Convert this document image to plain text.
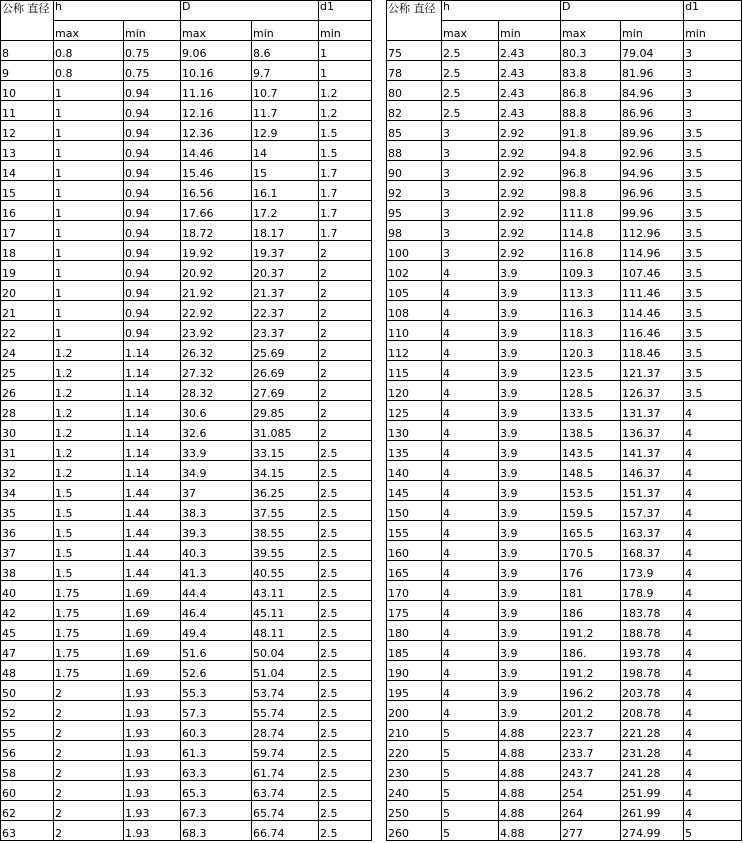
公称 直径	h		D		d1		公称 直径	h		D		d1
	max	min	max	min	min			max	min	max	min	min
8	0.8	0.75	9.06	8.6	1		75	2.5	2.43	80.3	79.04	3
9	0.8	0.75	10.16	9.7	1		78	2.5	2.43	83.8	81.96	3
10	1	0.94	11.16	10.7	1.2		80	2.5	2.43	86.8	84.96	3
11	1	0.94	12.16	11.7	1.2		82	2.5	2.43	88.8	86.96	3
12	1	0.94	12.36	12.9	1.5		85	3	2.92	91.8	89.96	3.5
13	1	0.94	14.46	14	1.5		88	3	2.92	94.8	92.96	3.5
14	1	0.94	15.46	15	1.7		90	3	2.92	96.8	94.96	3.5
15	1	0.94	16.56	16.1	1.7		92	3	2.92	98.8	96.96	3.5
16	1	0.94	17.66	17.2	1.7		95	3	2.92	111.8	99.96	3.5
17	1	0.94	18.72	18.17	1.7		98	3	2.92	114.8	112.96	3.5
18	1	0.94	19.92	19.37	2		100	3	2.92	116.8	114.96	3.5
19	1	0.94	20.92	20.37	2		102	4	3.9	109.3	107.46	3.5
20	1	0.94	21.92	21.37	2		105	4	3.9	113.3	111.46	3.5
21	1	0.94	22.92	22.37	2		108	4	3.9	116.3	114.46	3.5
22	1	0.94	23.92	23.37	2		110	4	3.9	118.3	116.46	3.5
24	1.2	1.14	26.32	25.69	2		112	4	3.9	120.3	118.46	3.5
25	1.2	1.14	27.32	26.69	2		115	4	3.9	123.5	121.37	3.5
26	1.2	1.14	28.32	27.69	2		120	4	3.9	128.5	126.37	3.5
28	1.2	1.14	30.6	29.85	2		125	4	3.9	133.5	131.37	4
30	1.2	1.14	32.6	31.085	2		130	4	3.9	138.5	136.37	4
31	1.2	1.14	33.9	33.15	2.5		135	4	3.9	143.5	141.37	4
32	1.2	1.14	34.9	34.15	2.5		140	4	3.9	148.5	146.37	4
34	1.5	1.44	37	36.25	2.5		145	4	3.9	153.5	151.37	4
35	1.5	1.44	38.3	37.55	2.5		150	4	3.9	159.5	157.37	4
36	1.5	1.44	39.3	38.55	2.5		155	4	3.9	165.5	163.37	4
37	1.5	1.44	40.3	39.55	2.5		160	4	3.9	170.5	168.37	4
38	1.5	1.44	41.3	40.55	2.5		165	4	3.9	176	173.9	4
40	1.75	1.69	44.4	43.11	2.5		170	4	3.9	181	178.9	4
42	1.75	1.69	46.4	45.11	2.5		175	4	3.9	186	183.78	4
45	1.75	1.69	49.4	48.11	2.5		180	4	3.9	191.2	188.78	4
47	1.75	1.69	51.6	50.04	2.5		185	4	3.9	186.	193.78	4
48	1.75	1.69	52.6	51.04	2.5		190	4	3.9	191.2	198.78	4
50	2	1.93	55.3	53.74	2.5		195	4	3.9	196.2	203.78	4
52	2	1.93	57.3	55.74	2.5		200	4	3.9	201.2	208.78	4
55	2	1.93	60.3	28.74	2.5		210	5	4.88	223.7	221.28	4
56	2	1.93	61.3	59.74	2.5		220	5	4.88	233.7	231.28	4
58	2	1.93	63.3	61.74	2.5		230	5	4.88	243.7	241.28	4
60	2	1.93	65.3	63.74	2.5		240	5	4.88	254	251.99	4
62	2	1.93	67.3	65.74	2.5		250	5	4.88	264	261.99	4
63	2	1.93	68.3	66.74	2.5		260	5	4.88	277	274.99	5
